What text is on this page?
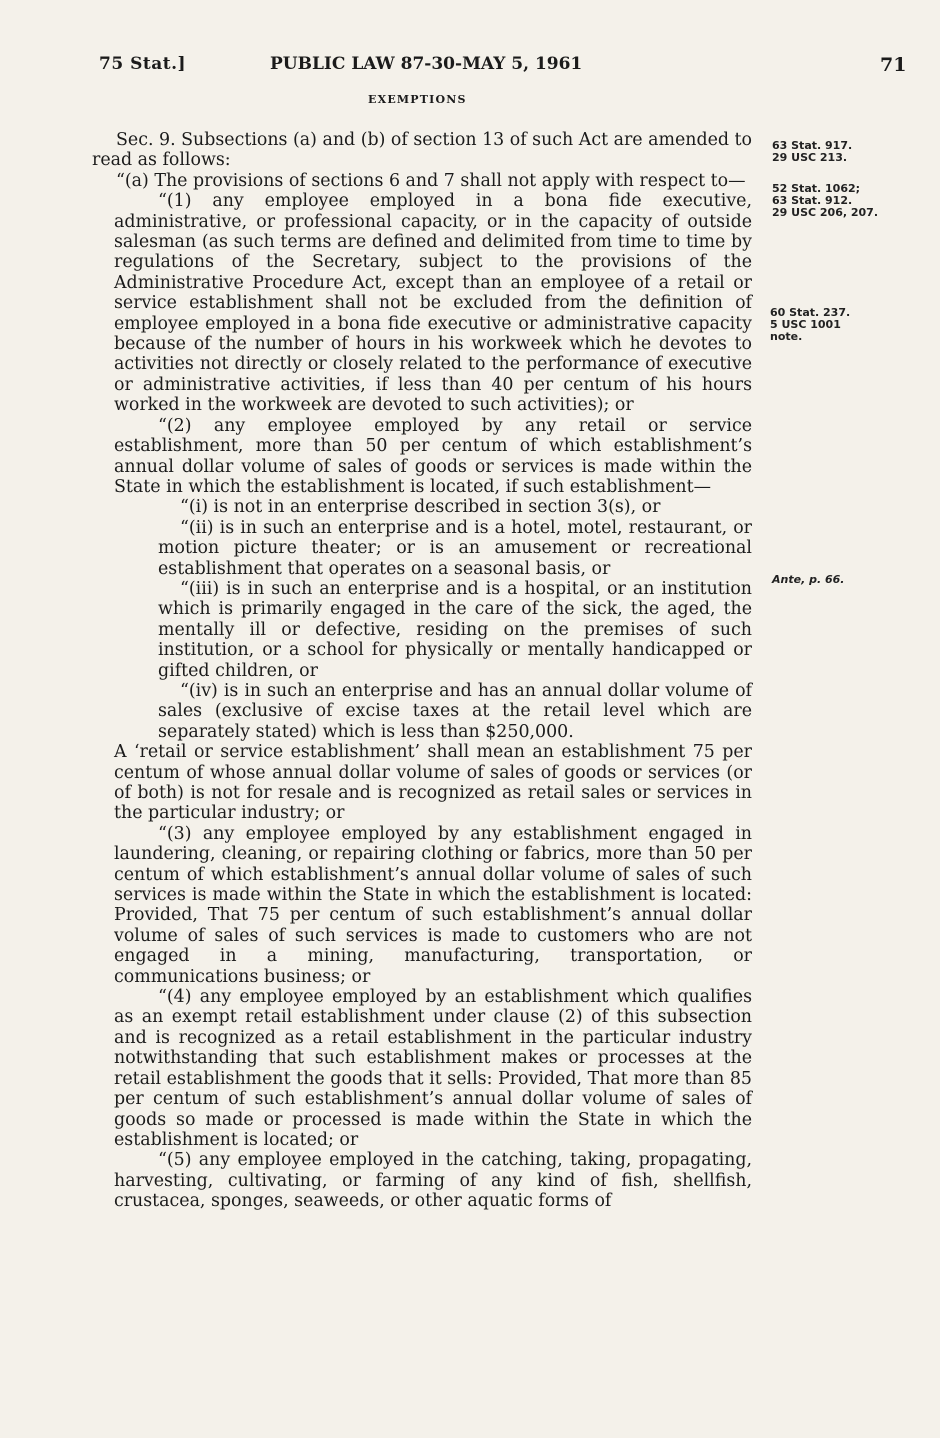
75 Stat.]	PUBLIC LAW 87-30-MAY 5, 1961	71
EXEMPTIONS
63 Stat. 917.
29 USC 213.
52 Stat. 1062;
63 Stat. 912.
29 USC 206, 207.
60 Stat. 237.
5 USC 1001
note.
Ante, p. 66.

Sec. 9. Subsections (a) and (b) of section 13 of such Act are amended to read as follows:

“(a) The provisions of sections 6 and 7 shall not apply with respect to—

“(1) any employee employed in a bona fide executive, administrative, or professional capacity, or in the capacity of outside salesman (as such terms are defined and delimited from time to time by regulations of the Secretary, subject to the provisions of the Administrative Procedure Act, except than an employee of a retail or service establishment shall not be excluded from the definition of employee employed in a bona fide executive or administrative capacity because of the number of hours in his workweek which he devotes to activities not directly or closely related to the performance of executive or administrative activities, if less than 40 per centum of his hours worked in the workweek are devoted to such activities); or

“(2) any employee employed by any retail or service establishment, more than 50 per centum of which establishment’s annual dollar volume of sales of goods or services is made within the State in which the establishment is located, if such establishment—

“(i) is not in an enterprise described in section 3(s), or

“(ii) is in such an enterprise and is a hotel, motel, restaurant, or motion picture theater; or is an amusement or recreational establishment that operates on a seasonal basis, or

“(iii) is in such an enterprise and is a hospital, or an institution which is primarily engaged in the care of the sick, the aged, the mentally ill or defective, residing on the premises of such institution, or a school for physically or mentally handicapped or gifted children, or

“(iv) is in such an enterprise and has an annual dollar volume of sales (exclusive of excise taxes at the retail level which are separately stated) which is less than $250,000.

A ‘retail or service establishment’ shall mean an establishment 75 per centum of whose annual dollar volume of sales of goods or services (or of both) is not for resale and is recognized as retail sales or services in the particular industry; or

“(3) any employee employed by any establishment engaged in laundering, cleaning, or repairing clothing or fabrics, more than 50 per centum of which establishment’s annual dollar volume of sales of such services is made within the State in which the establishment is located: Provided, That 75 per centum of such establishment’s annual dollar volume of sales of such services is made to customers who are not engaged in a mining, manufacturing, transportation, or communications business; or

“(4) any employee employed by an establishment which qualifies as an exempt retail establishment under clause (2) of this subsection and is recognized as a retail establishment in the particular industry notwithstanding that such establishment makes or processes at the retail establishment the goods that it sells: Provided, That more than 85 per centum of such establishment’s annual dollar volume of sales of goods so made or processed is made within the State in which the establishment is located; or

“(5) any employee employed in the catching, taking, propagating, harvesting, cultivating, or farming of any kind of fish, shellfish, crustacea, sponges, seaweeds, or other aquatic forms of
